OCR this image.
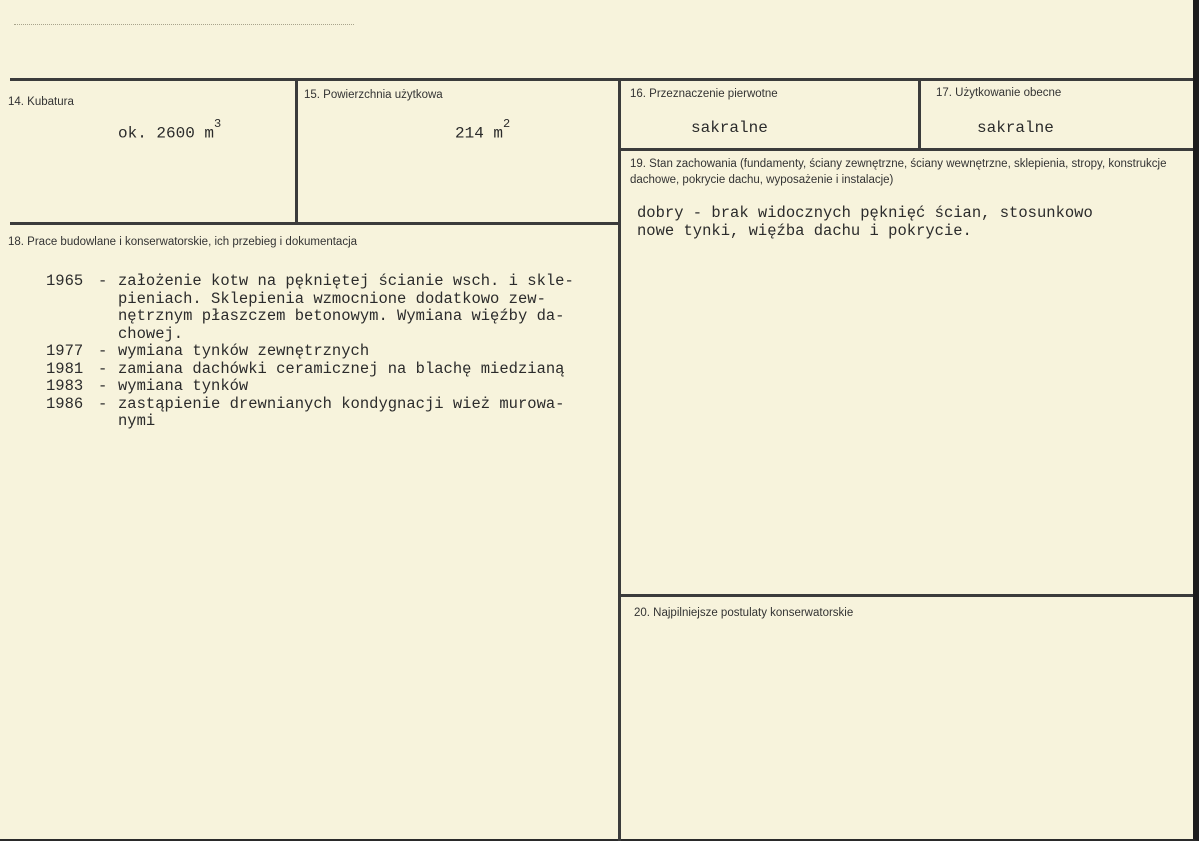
14. Kubatura
ok. 2600 $m^3$
15. Powierzchnia użytkowa
214 $m^2$
16. Przeznaczenie pierwotne
sakralne
17. Użytkowanie obecne
sakralne
18. Prace budowlane i konserwatorskie, ich przebieg i dokumentacja
1965 - założenie kotw na pękniętej ścianie wsch. i skle-
pieniach. Sklepienia wzmocnione dodatkowo zew-
nętrznym płaszczem betonowym. Wymiana więźby da-
chowej.
1977 - wymiana tynków zewnętrznych
1981 - zamiana dachówki ceramicznej na blachę miedzianą
1983 - wymiana tynków
1986 - zastąpienie drewnianych kondygnacji wież murowa-
nymi
19. Stan zachowania (fundamenty, ściany zewnętrzne, ściany wewnętrzne, sklepienia, stropy, konstrukcje dachowe, pokrycie dachu, wyposażenie i instalacje)
dobry - brak widocznych pęknięć ścian, stosunkowo
nowe tynki, więźba dachu i pokrycie.
20. Najpilniejsze postulaty konserwatorskie
